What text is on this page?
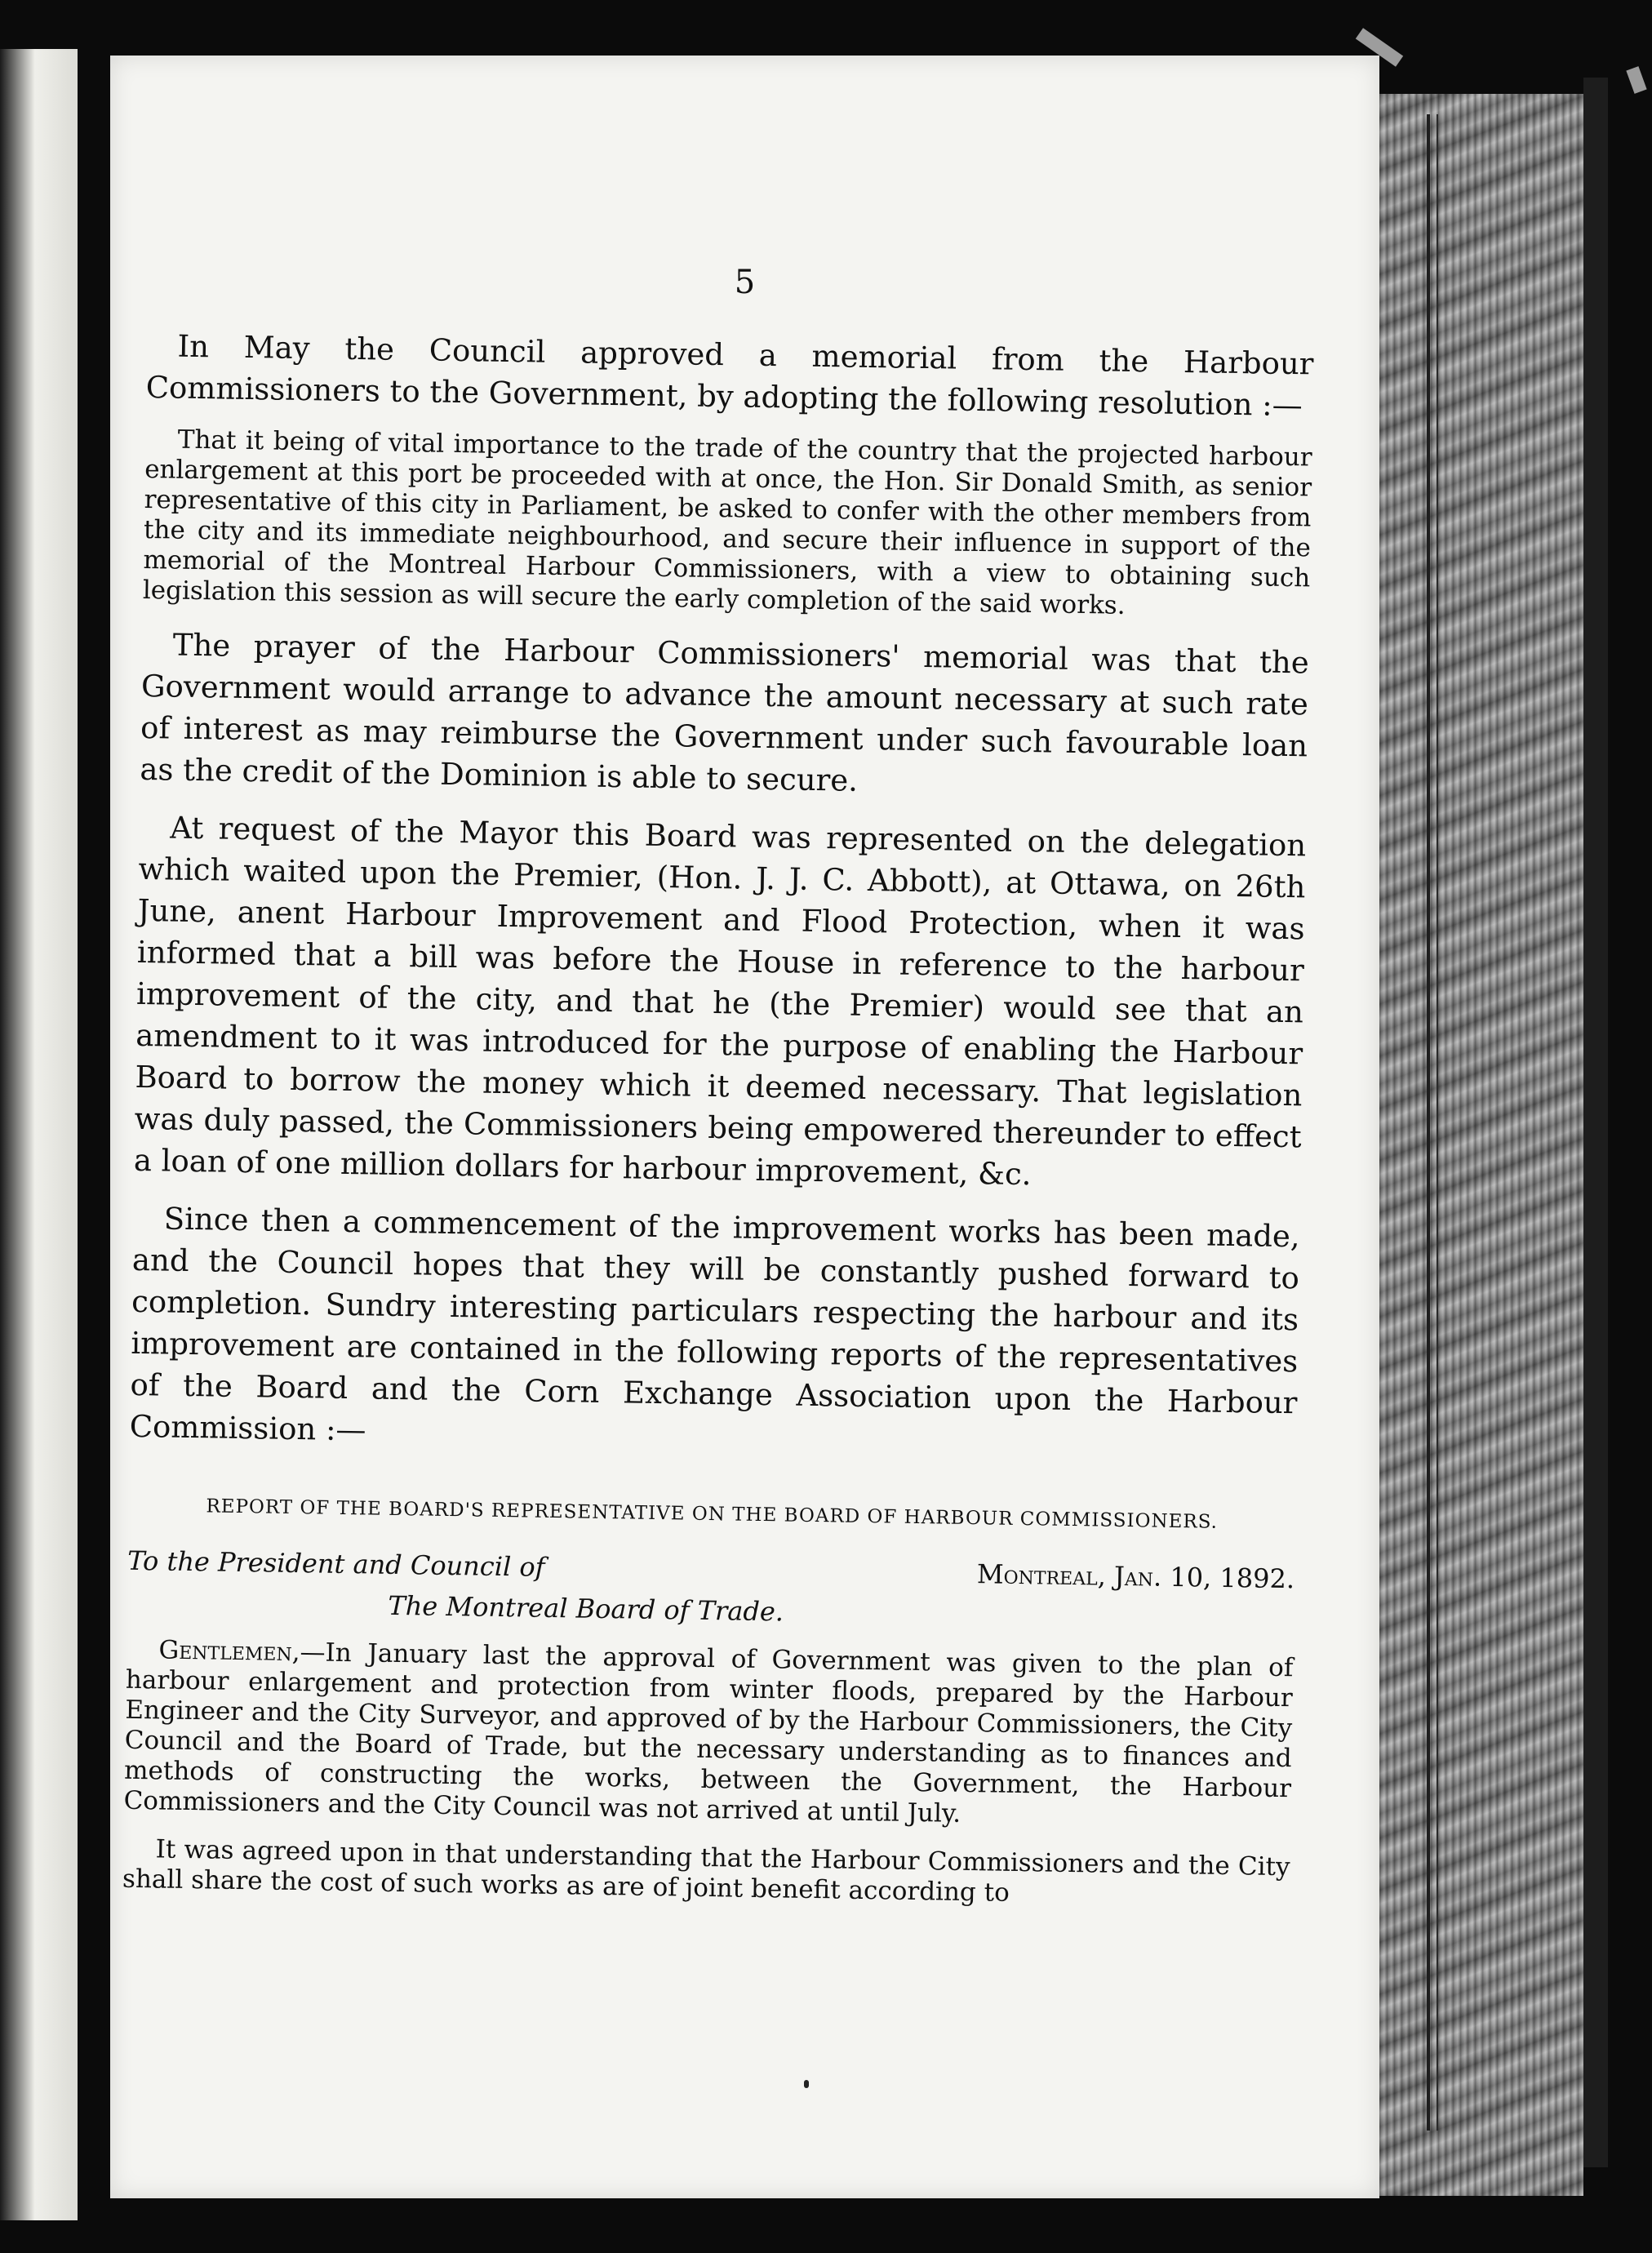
5

In May the Council approved a memorial from the Harbour Commissioners to the Government, by adopting the following resolution :—

That it being of vital importance to the trade of the country that the projected harbour enlargement at this port be proceeded with at once, the Hon. Sir Donald Smith, as senior representative of this city in Parliament, be asked to confer with the other members from the city and its immediate neighbourhood, and secure their influence in support of the memorial of the Montreal Harbour Commissioners, with a view to obtaining such legislation this session as will secure the early completion of the said works.

The prayer of the Harbour Commissioners' memorial was that the Government would arrange to advance the amount necessary at such rate of interest as may reimburse the Government under such favourable loan as the credit of the Dominion is able to secure.

At request of the Mayor this Board was represented on the delegation which waited upon the Premier, (Hon. J. J. C. Abbott), at Ottawa, on 26th June, anent Harbour Improvement and Flood Protection, when it was informed that a bill was before the House in reference to the harbour improvement of the city, and that he (the Premier) would see that an amendment to it was introduced for the purpose of enabling the Harbour Board to borrow the money which it deemed necessary. That legislation was duly passed, the Commissioners being empowered thereunder to effect a loan of one million dollars for harbour improvement, &c.

Since then a commencement of the improvement works has been made, and the Council hopes that they will be constantly pushed forward to completion. Sundry interesting particulars respecting the harbour and its improvement are contained in the following reports of the representatives of the Board and the Corn Exchange Association upon the Harbour Commission :—

REPORT OF THE BOARD'S REPRESENTATIVE ON THE BOARD OF HARBOUR COMMISSIONERS.
To the President and Council of	Montreal, Jan. 10, 1892.
The Montreal Board of Trade.

Gentlemen,—In January last the approval of Government was given to the plan of harbour enlargement and protection from winter floods, prepared by the Harbour Engineer and the City Surveyor, and approved of by the Harbour Commissioners, the City Council and the Board of Trade, but the necessary understanding as to finances and methods of constructing the works, between the Government, the Harbour Commissioners and the City Council was not arrived at until July.

It was agreed upon in that understanding that the Harbour Commissioners and the City shall share the cost of such works as are of joint benefit according to
